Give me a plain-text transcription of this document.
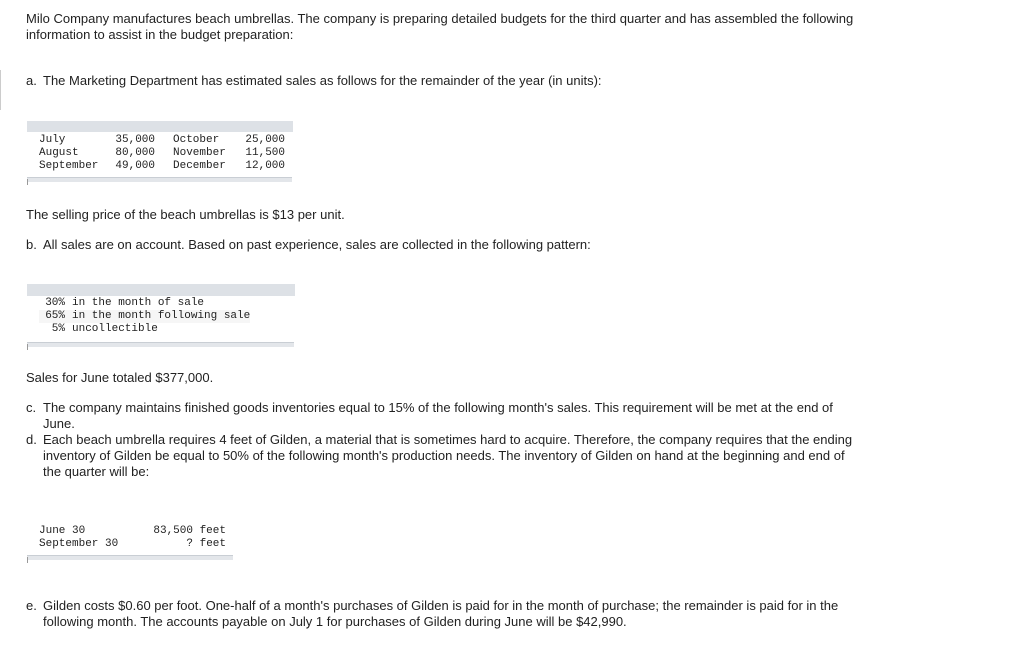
Milo Company manufactures beach umbrellas. The company is preparing detailed budgets for the third quarter and has assembled the following information to assist in the budget preparation:

a. The Marketing Department has estimated sales as follows for the remainder of the year (in units):
July	35,000		October	25,000
August	80,000		November	11,500
September	49,000		December	12,000

The selling price of the beach umbrellas is $13 per unit.

b. All sales are on account. Based on past experience, sales are collected in the following pattern:
30%	in the month of sale
65%	in the month following sale
5%	uncollectible

Sales for June totaled $377,000.

c. The company maintains finished goods inventories equal to 15% of the following month's sales. This requirement will be met at the end of June.
d. Each beach umbrella requires 4 feet of Gilden, a material that is sometimes hard to acquire. Therefore, the company requires that the ending inventory of Gilden be equal to 50% of the following month's production needs. The inventory of Gilden on hand at the beginning and end of the quarter will be:
June 30	83,500 feet
September 30	? feet
e. Gilden costs $0.60 per foot. One-half of a month's purchases of Gilden is paid for in the month of purchase; the remainder is paid for in the following month. The accounts payable on July 1 for purchases of Gilden during June will be $42,990.
